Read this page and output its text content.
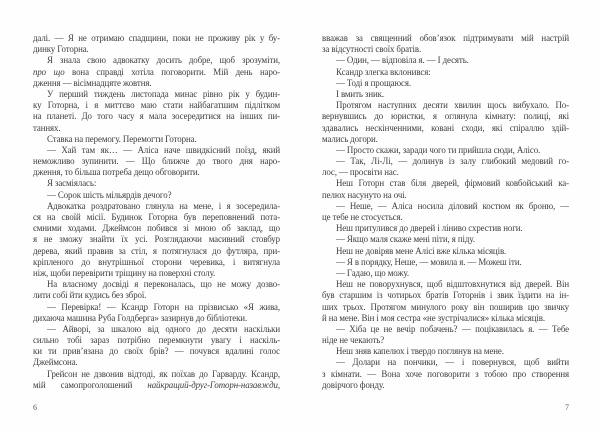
далі. — Я не отримаю спадщини, поки не проживу рік у бу-
динку Готорна.
Я знала свою адвокатку досить добре, щоб зрозуміти,
про що вона справді хотіла поговорити. Мій день наро-
дження — вісімнадцяте жовтня.
У перший тиждень листопада минає рівно рік у будин-
ку Готорна, і я миттєво маю стати найбагатшим підлітком
на планеті. До того часу я мала зосередитися на інших пи-
таннях.
Ставка на перемогу. Перемогти Готорна.
— Хай там як… — Аліса наче швидкісний поїзд, який
неможливо зупинити. — Що ближче до твого дня наро-
дження, то більша потреба дещо обговорити.
Я засміялась:
— Сорок шість мільярдів дечого?
Адвокатка роздратовано глянула на мене, і я зосередила-
ся на своїй місії. Будинок Готорна був переповнений пота-
ємними ходами. Джеймсон побився зі мною об заклад, що
я не зможу знайти їх усі. Розглядаючи масивний стовбур
дерева, який правив за стіл, я потягнулася до футляра, при-
кріпленого до внутрішньої сторони черевика, і витягнула
ніж, щоби перевірити тріщину на поверхні столу.
На власному досвіді я переконалась, що не можу дозво-
лити собі йти кудись без зброї.
— Перевірка! — Ксандр Готорн на прізвисько «Я жива,
дихаюча машина Руба Голдберга» зазирнув до бібліотеки.
— Айворі, за шкалою від одного до десяти наскільки
сильно тобі зараз потрібно перемкнути увагу і наскіль-
ки ти прив’язана до своїх брів? — почувся вдалині голос
Джеймсона.
Грейсон не дзвонив відтоді, як поїхав до Гарварду. Ксандр,
мій самопроголошений найкращий-друг-Готорн-назавжди,
6
вважав за священний обов’язок підтримувати мій настрій
за відсутності своїх братів.
— Один, — відповіла я. — І десять.
Ксандр злегка вклонився:
— Тоді я прощаюся.
І вмить зник.
Протягом наступних десяти хвилин щось вибухало. По-
вернувшись до юристки, я оглянула кімнату: полиці, які
здавались нескінченними, ковані сходи, які спіраллю здій-
мались догори.
— Просто скажи, заради чого ти прийшла сюди, Алісо.
— Так, Лі-Лі, — долинув із залу глибокий медовий го-
лос, — просвіти нас.
Неш Готорн став біля дверей, фірмовий ковбойський ка-
пелюх насунуто на очі.
— Неше, — Аліса носила діловий костюм як броню, —
це тебе не стосується.
Неш притулився до дверей і ліниво схрестив ноги.
— Якщо маля скаже мені піти, я піду.
Неш не довіряв мене Алісі вже кілька місяців.
— Я в порядку, Неше, — мовила я. — Можеш іти.
— Гадаю, що можу.
Неш не поворухнувся, щоб відштовхнутися від дверей. Він
був старшим із чотирьох братів Готорнів і звик їздити на ін-
ших трьох. Протягом минулого року він поширив цю звичку
й на мене. Він і моя сестра «не зустрічалися» кілька місяців.
— Хіба це не вечір побачень? — поцікавилась я. — Тебе
ніде не чекають?
Неш зняв капелюх і твердо поглянув на мене.
— Долари на пончики, — і повернувся, щоб вийти
з кімнати. — Вона хоче поговорити з тобою про створення
довірчого фонду.
7
